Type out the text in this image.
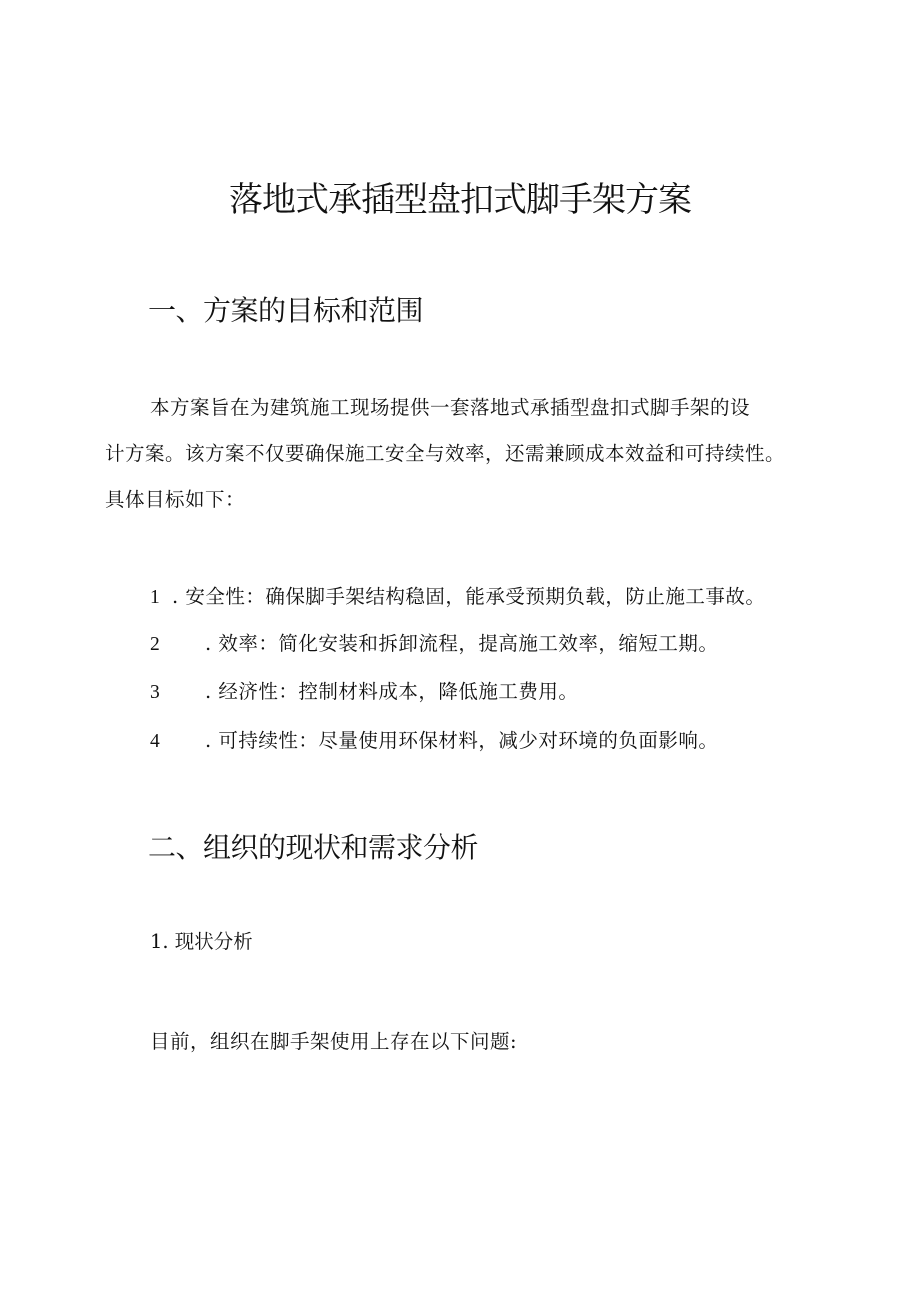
落地式承插型盘扣式脚手架方案
一、方案的目标和范围

本方案旨在为建筑施工现场提供一套落地式承插型盘扣式脚手架的设

计方案。该方案不仅要确保施工安全与效率，还需兼顾成本效益和可持续性。

具体目标如下：

1 . 安全性：确保脚手架结构稳固，能承受预期负载，防止施工事故。
2 . 效率：简化安装和拆卸流程，提高施工效率，缩短工期。
3 . 经济性：控制材料成本，降低施工费用。
4 . 可持续性：尽量使用环保材料，减少对环境的负面影响。
二、组织的现状和需求分析

1. 现状分析

目前，组织在脚手架使用上存在以下问题:
